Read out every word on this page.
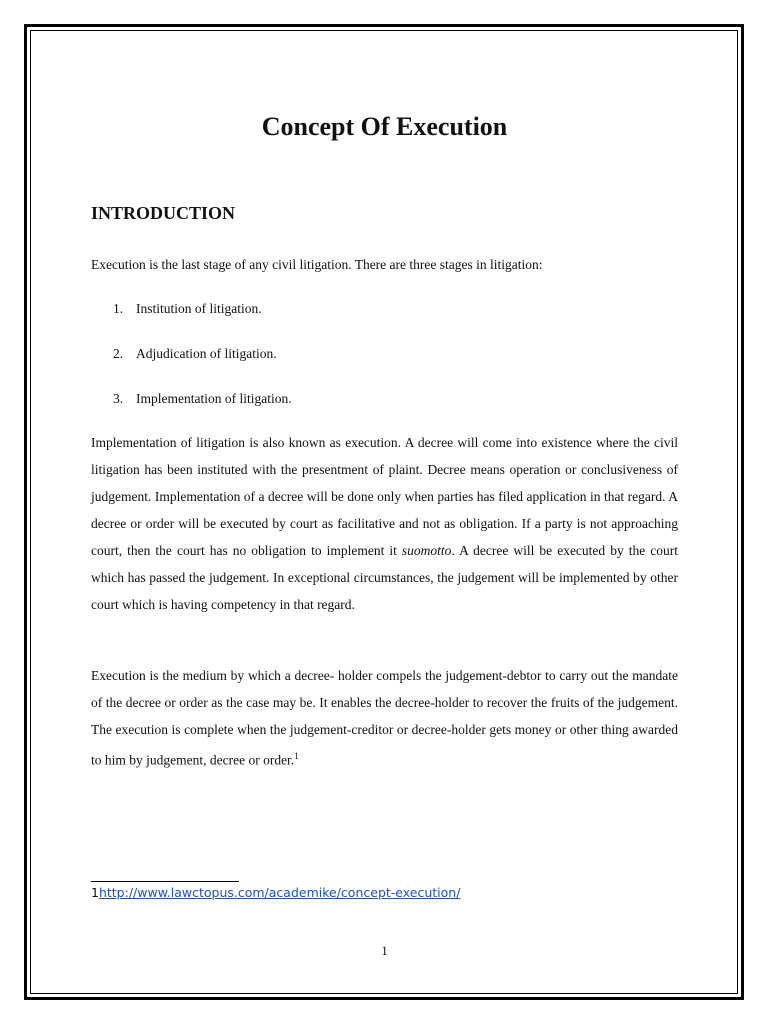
Concept Of Execution
INTRODUCTION

Execution is the last stage of any civil litigation. There are three stages in litigation:

1. Institution of litigation.

2. Adjudication of litigation.

3. Implementation of litigation.

Implementation of litigation is also known as execution. A decree will come into existence where the civil litigation has been instituted with the presentment of plaint. Decree means operation or conclusiveness of judgement. Implementation of a decree will be done only when parties has filed application in that regard. A decree or order will be executed by court as facilitative and not as obligation. If a party is not approaching court, then the court has no obligation to implement it suomotto. A decree will be executed by the court which has passed the judgement. In exceptional circumstances, the judgement will be implemented by other court which is having competency in that regard.

Execution is the medium by which a decree- holder compels the judgement-debtor to carry out the mandate of the decree or order as the case may be. It enables the decree-holder to recover the fruits of the judgement. The execution is complete when the judgement-creditor or decree-holder gets money or other thing awarded to him by judgement, decree or order.$^1$

1http://www.lawctopus.com/academike/concept-execution/
1
